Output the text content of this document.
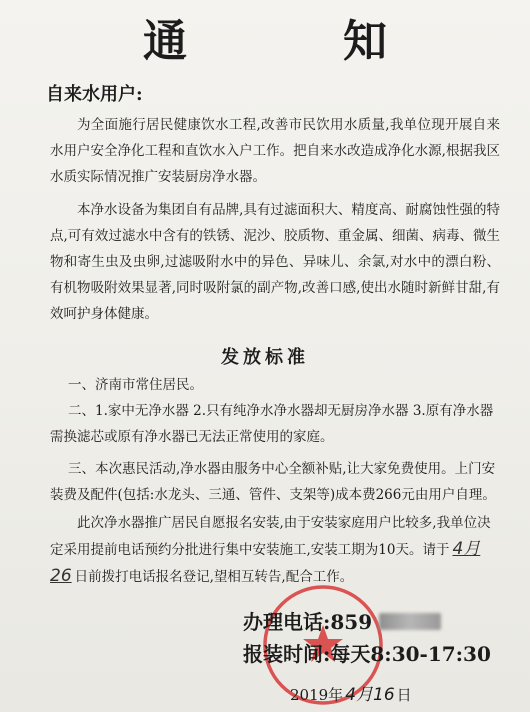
通　知
自来水用户:
为全面施行居民健康饮水工程,改善市民饮用水质量,我单位现开展自来水用户安全净化工程和直饮水入户工作。把自来水改造成净化水源,根据我区水质实际情况推广安装厨房净水器。
本净水设备为集团自有品牌,具有过滤面积大、精度高、耐腐蚀性强的特点,可有效过滤水中含有的铁锈、泥沙、胶质物、重金属、细菌、病毒、微生物和寄生虫及虫卵,过滤吸附水中的异色、异味儿、余氯,对水中的漂白粉、有机物吸附效果显著,同时吸附氯的副产物,改善口感,使出水随时新鲜甘甜,有效呵护身体健康。
发放标准
一、济南市常住居民。
二、1.家中无净水器 2.只有纯净水净水器却无厨房净水器 3.原有净水器需换滤芯或原有净水器已无法正常使用的家庭。
三、本次惠民活动,净水器由服务中心全额补贴,让大家免费使用。上门安装费及配件(包括:水龙头、三通、管件、支架等)成本费266元由用户自理。
此次净水器推广居民自愿报名安装,由于安装家庭用户比较多,我单位决定采用提前电话预约分批进行集中安装施工,安装工期为10天。请于 4月26 日前拨打电话报名登记,望相互转告,配合工作。
办理电话:859
报装时间:每天8:30-17:30
2019年 4月16 日
